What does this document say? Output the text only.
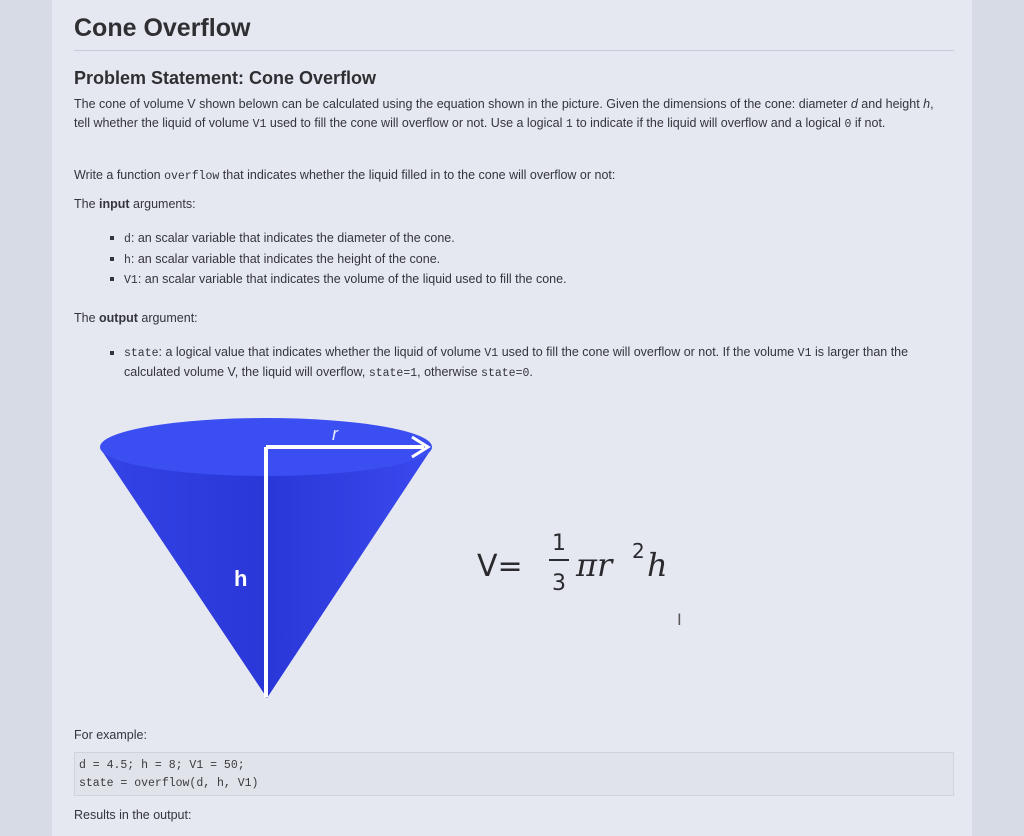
Cone Overflow
Problem Statement: Cone Overflow
The cone of volume V shown belown can be calculated using the equation shown in the picture. Given the dimensions of the cone: diameter d and height h, tell whether the liquid of volume V1 used to fill the cone will overflow or not. Use a logical 1 to indicate if the liquid will overflow and a logical 0 if not.
Write a function overflow that indicates whether the liquid filled in to the cone will overflow or not:
The input arguments:
d: an scalar variable that indicates the diameter of the cone.
h: an scalar variable that indicates the height of the cone.
V1: an scalar variable that indicates the volume of the liquid used to fill the cone.
The output argument:
state: a logical value that indicates whether the liquid of volume V1 used to fill the cone will overflow or not. If the volume V1 is larger than the calculated volume V, the liquid will overflow, state=1, otherwise state=0.
r
h	V=
1
3 πr 2 h
I
For example:
d = 4.5; h = 8; V1 = 50;
state = overflow(d, h, V1)
Results in the output:
